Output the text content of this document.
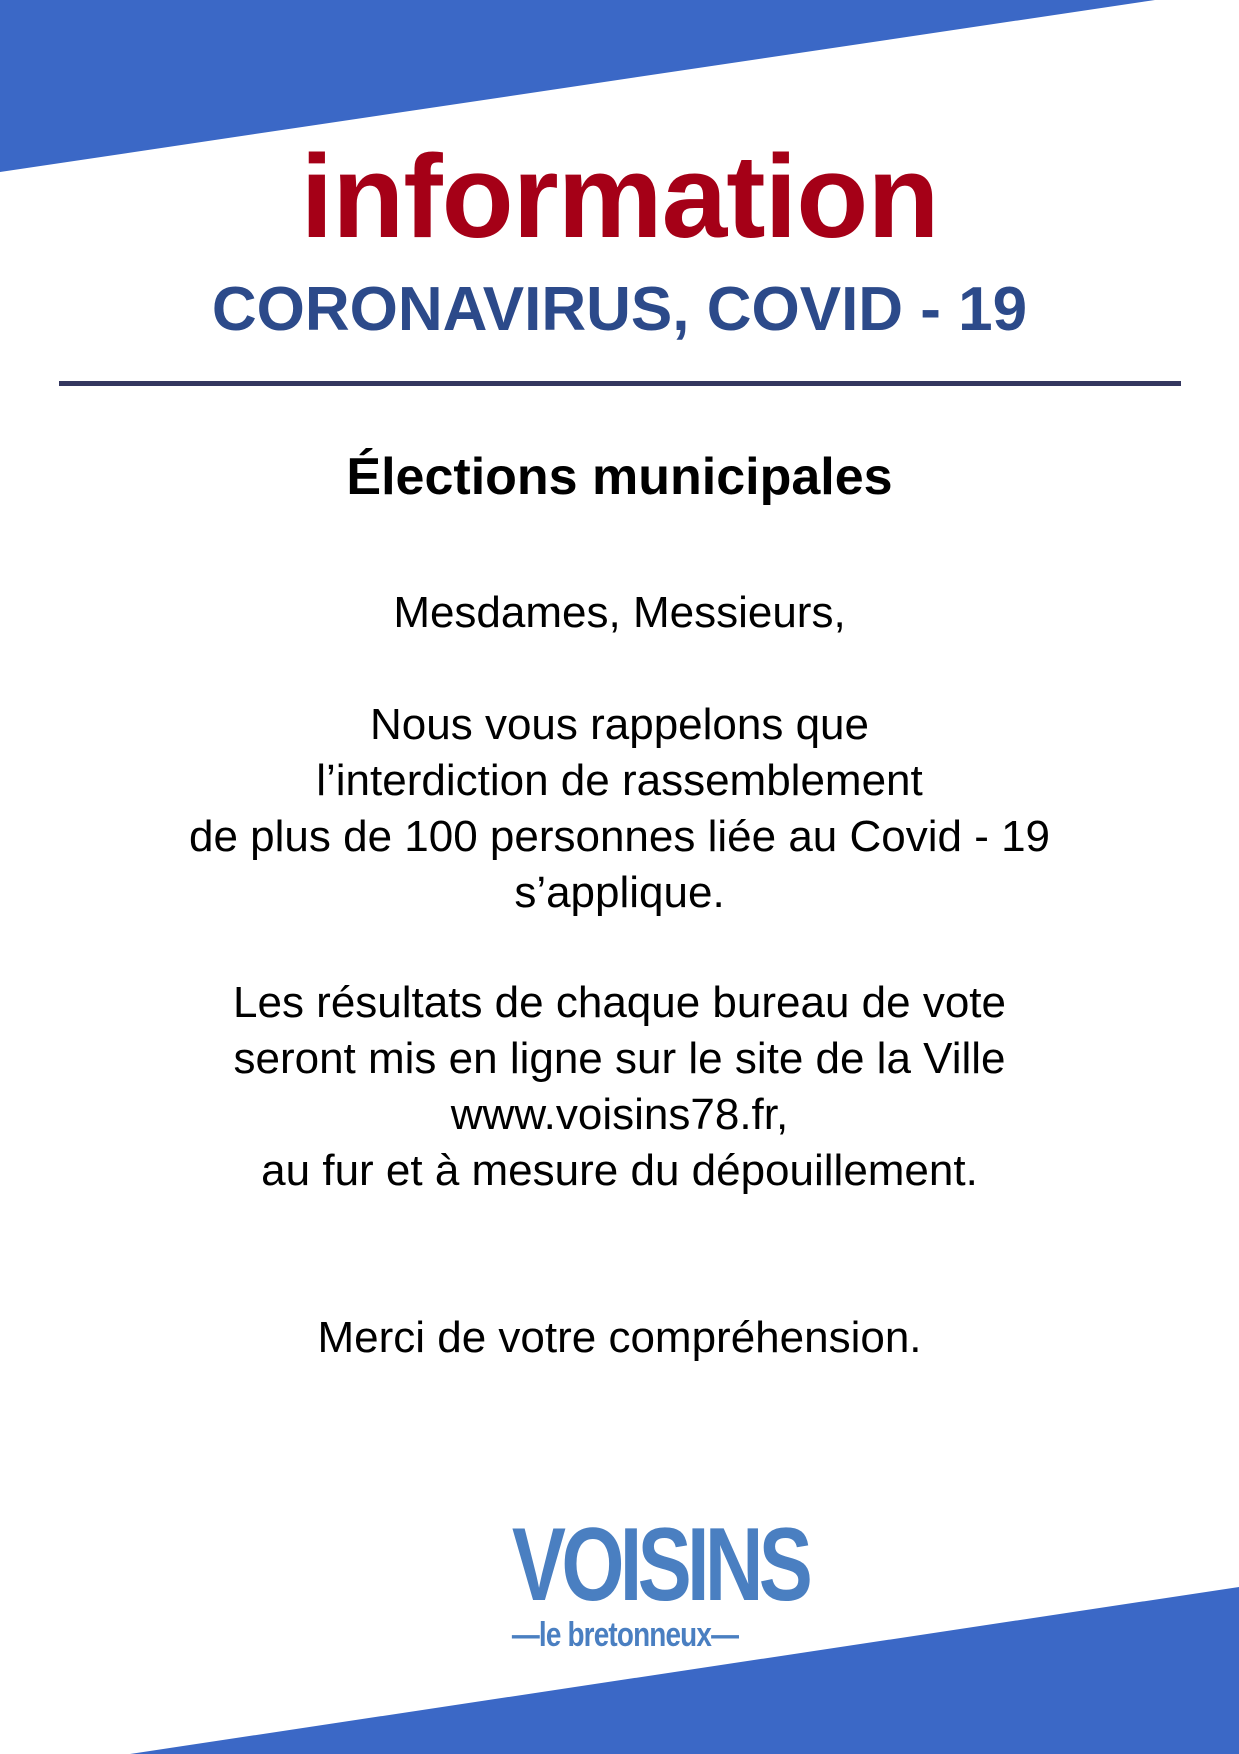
information
CORONAVIRUS, COVID - 19
Élections municipales
Mesdames, Messieurs,
Nous vous rappelons que
l’interdiction de rassemblement
de plus de 100 personnes liée au Covid - 19
s’applique.
Les résultats de chaque bureau de vote
seront mis en ligne sur le site de la Ville
www.voisins78.fr,
au fur et à mesure du dépouillement.
Merci de votre compréhension.
VOISINS
—le bretonneux—
